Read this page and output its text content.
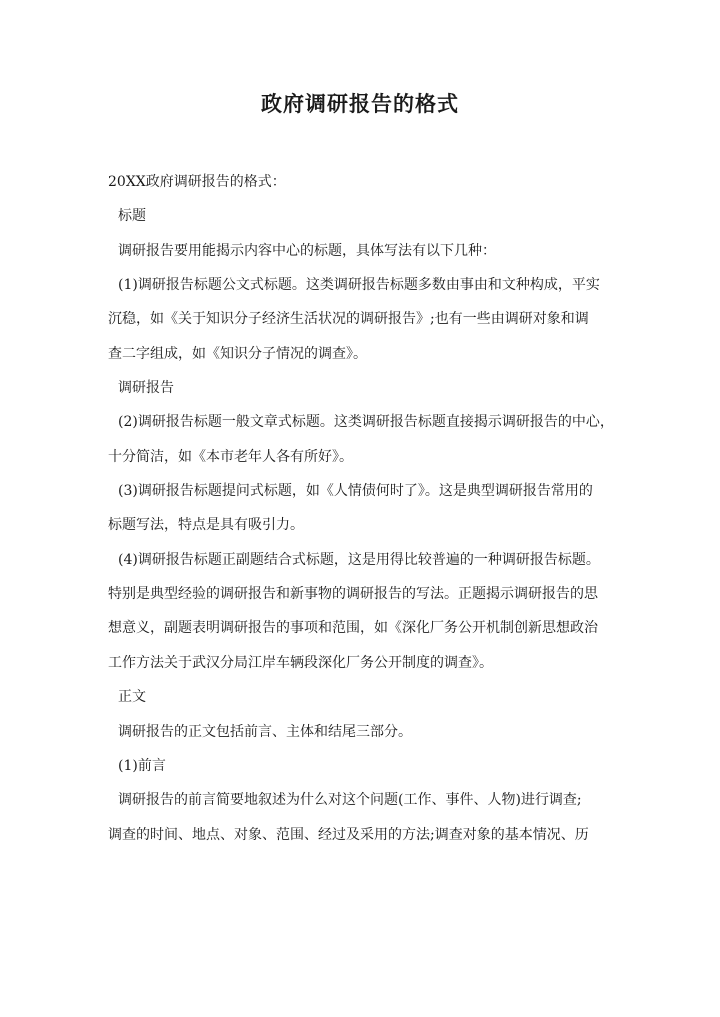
政府调研报告的格式
20XX政府调研报告的格式：
标题
调研报告要用能揭示内容中心的标题，具体写法有以下几种：
(1)调研报告标题公文式标题。这类调研报告标题多数由事由和文种构成，平实
沉稳，如《关于知识分子经济生活状况的调研报告》;也有一些由调研对象和调
查二字组成，如《知识分子情况的调查》。
调研报告
(2)调研报告标题一般文章式标题。这类调研报告标题直接揭示调研报告的中心，
十分简洁，如《本市老年人各有所好》。
(3)调研报告标题提问式标题，如《人情债何时了》。这是典型调研报告常用的
标题写法，特点是具有吸引力。
(4)调研报告标题正副题结合式标题，这是用得比较普遍的一种调研报告标题。
特别是典型经验的调研报告和新事物的调研报告的写法。正题揭示调研报告的思
想意义，副题表明调研报告的事项和范围，如《深化厂务公开机制创新思想政治
工作方法关于武汉分局江岸车辆段深化厂务公开制度的调查》。
正文
调研报告的正文包括前言、主体和结尾三部分。
(1)前言
调研报告的前言简要地叙述为什么对这个问题(工作、事件、人物)进行调查;
调查的时间、地点、对象、范围、经过及采用的方法;调查对象的基本情况、历
